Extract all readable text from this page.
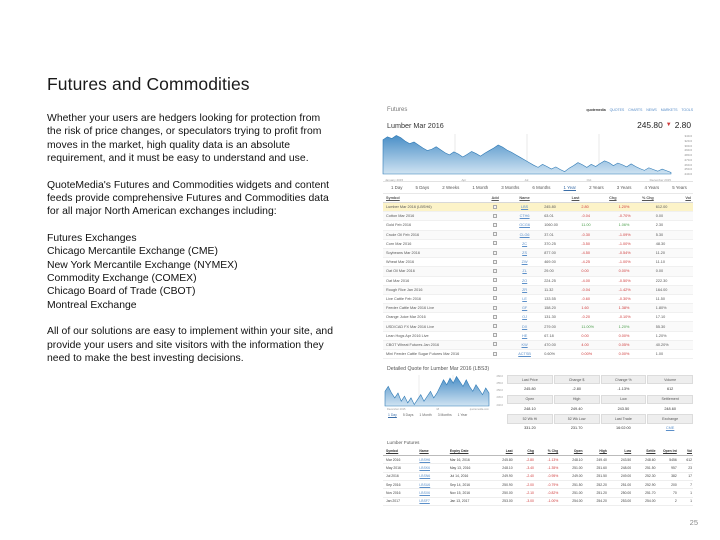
Futures and Commodities

Whether your users are hedgers looking for protection from the risk of price changes, or speculators trying to profit from moves in the market, high quality data is an absolute requirement, and it must be easy to understand and use.

QuoteMedia's Futures and Commodities widgets and content feeds provide comprehensive Futures and Commodities data for all major North American exchanges including:

Futures Exchanges
Chicago Mercantile Exchange (CME)
New York Mercantile Exchange (NYMEX)
Commodity Exchange (COMEX)
Chicago Board of Trade (CBOT)
Montreal Exchange

All of our solutions are easy to implement within your site, and provide your users and site visitors with the information they need to make the best investing decisions.

Futures	quotemedia QUOTES CHARTS NEWS MARKETS TOOLS
Lumber Mar 2016	245.80 ▼ 2.80
340.0
320.0
300.0
290.0
280.0
270.0
260.0
250.0
240.0
January 2015	Apr	Jul	Oct	December 2015
1 Day	5 Days	2 Weeks	1 Month	3 Months	6 Months	1 Year	2 Years	3 Years	4 Years	5 Years
Symbol	Add	Name	Last	Chg	% Chg	Vol
Lumber Mar 2016 (LBSH6)		LBS	245.80	2.80	1.20%	612.00
Cotton Mar 2016		CTH6	63.01	-0.04	-0.70%	0.00
Gold Feb 2016		GCG6	1060.00	11.00	1.06%	2.30
Crude Oil Feb 2016		CLG6	37.01	-0.30	-1.09%	5.30
Corn Mar 2016		ZC	370.25	-3.50	-1.00%	48.30
Soybeans Mar 2016		ZS	877.00	-4.50	-0.54%	11.20
Wheat Mar 2016		ZW	469.00	-4.25	-1.00%	11.10
Oat Oil Mar 2016		ZL	29.00	0.00	0.00%	0.00
Oat Mar 2016		ZO	224.25	-4.00	-0.50%	222.30
Rough Rice Jan 2016		ZR	11.32	-0.04	-1.42%	164.00
Live Cattle Feb 2016		LE	133.55	-0.60	-0.30%	11.50
Feeder Cattle Mar 2016 Live		GF	158.20	1.60	1.38%	1.80%
Orange Juice Mar 2016		OJ	131.30	-0.20	-0.10%	17.10
USD/CAD FX Mar 2016 Live		DX	279.00	11.00%	1.20%	55.30
Lean Hogs Apr 2016 Live		HE	67.18	0.00	0.00%	1.20%
CBOT Wheat Futures Jan 2016		KW	470.00	4.00	0.05%	40.20%
Mini Feeder Cattle Sugar Futures Mar 2016		ACTSB	0.60%	0.00%	0.00%	1.00
Detailed Quote for Lumber Mar 2016 (LBS3)
260.0
255.0
250.0
245.0
240.0
December 2015	18	quotemedia.com
1 Day 5 Days 1 Month 3 Months 1 Year
Last Price	Change $	Change %	Volume
245.80	-2.80	-1.13%	612
Open	High	Low	Settlement
248.10	249.40	243.50	248.60
52 Wk Hi	52 Wk Low	Last Trade	Exchange
331.20	231.70	16:02:00	CME
Lumber Futures
Symbol	Name	Expiry Date	Last	Chg	% Chg	Open	High	Low	Settle	Open Int	Vol
Mar 2016	LBSH6	Mar 16, 2016	245.80	-2.80	-1.13%	248.10	249.40	243.50	248.60	5456	612
May 2016	LBSK6	May 13, 2016	248.10	-3.40	-1.35%	251.00	251.60	248.00	251.50	957	23
Jul 2016	LBSN6	Jul 14, 2016	249.90	-2.40	-0.95%	249.00	251.50	249.00	252.30	382	17
Sep 2016	LBSU6	Sep 14, 2016	250.90	-2.00	-0.79%	251.50	252.20	251.00	252.90	200	7
Nov 2016	LBSX6	Nov 15, 2016	250.00	-2.10	-0.82%	251.00	251.20	250.00	251.70	70	1
Jan 2017	LBSF7	Jan 13, 2017	253.00	-3.00	-1.00%	254.00	254.20	253.00	254.00	2	1
25
